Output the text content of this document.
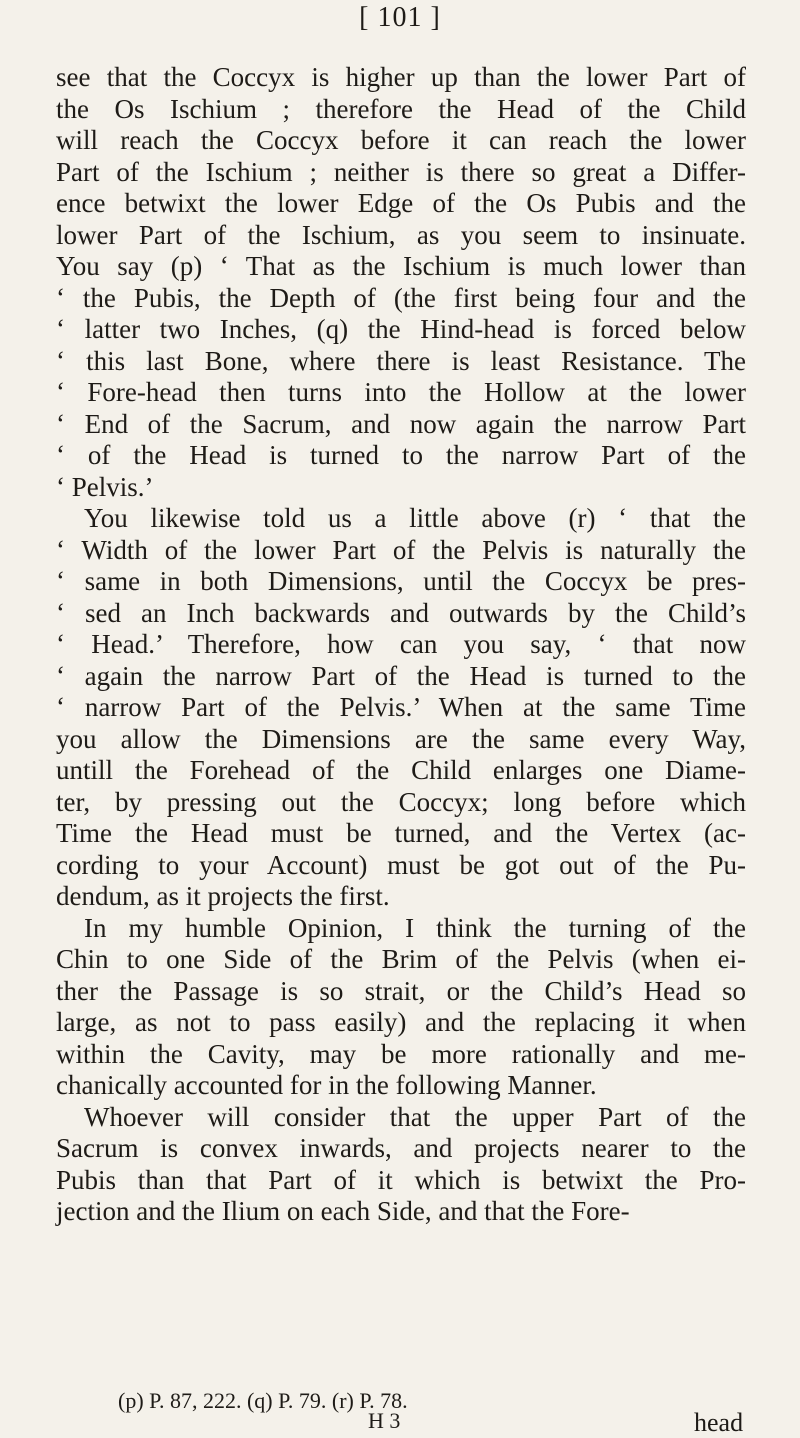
[ 101 ]
see that the Coccyx is higher up than the lower Part of
the Os Ischium ; therefore the Head of the Child
will reach the Coccyx before it can reach the lower
Part of the Ischium ; neither is there so great a Differ-
ence betwixt the lower Edge of the Os Pubis and the
lower Part of the Ischium, as you seem to insinuate.
You say (p) ‘ That as the Ischium is much lower than
‘ the Pubis, the Depth of (the first being four and the
‘ latter two Inches, (q) the Hind-head is forced below
‘ this last Bone, where there is least Resistance. The
‘ Fore-head then turns into the Hollow at the lower
‘ End of the Sacrum, and now again the narrow Part
‘ of the Head is turned to the narrow Part of the
‘ Pelvis.’
You likewise told us a little above (r) ‘ that the
‘ Width of the lower Part of the Pelvis is naturally the
‘ same in both Dimensions, until the Coccyx be pres-
‘ sed an Inch backwards and outwards by the Child’s
‘ Head.’ Therefore, how can you say, ‘ that now
‘ again the narrow Part of the Head is turned to the
‘ narrow Part of the Pelvis.’ When at the same Time
you allow the Dimensions are the same every Way,
untill the Forehead of the Child enlarges one Diame-
ter, by pressing out the Coccyx; long before which
Time the Head must be turned, and the Vertex (ac-
cording to your Account) must be got out of the Pu-
dendum, as it projects the first.
In my humble Opinion, I think the turning of the
Chin to one Side of the Brim of the Pelvis (when ei-
ther the Passage is so strait, or the Child’s Head so
large, as not to pass easily) and the replacing it when
within the Cavity, may be more rationally and me-
chanically accounted for in the following Manner.
Whoever will consider that the upper Part of the
Sacrum is convex inwards, and projects nearer to the
Pubis than that Part of it which is betwixt the Pro-
jection and the Ilium on each Side, and that the Fore-
(p) P. 87, 222. (q) P. 79. (r) P. 78.
H 3	head
